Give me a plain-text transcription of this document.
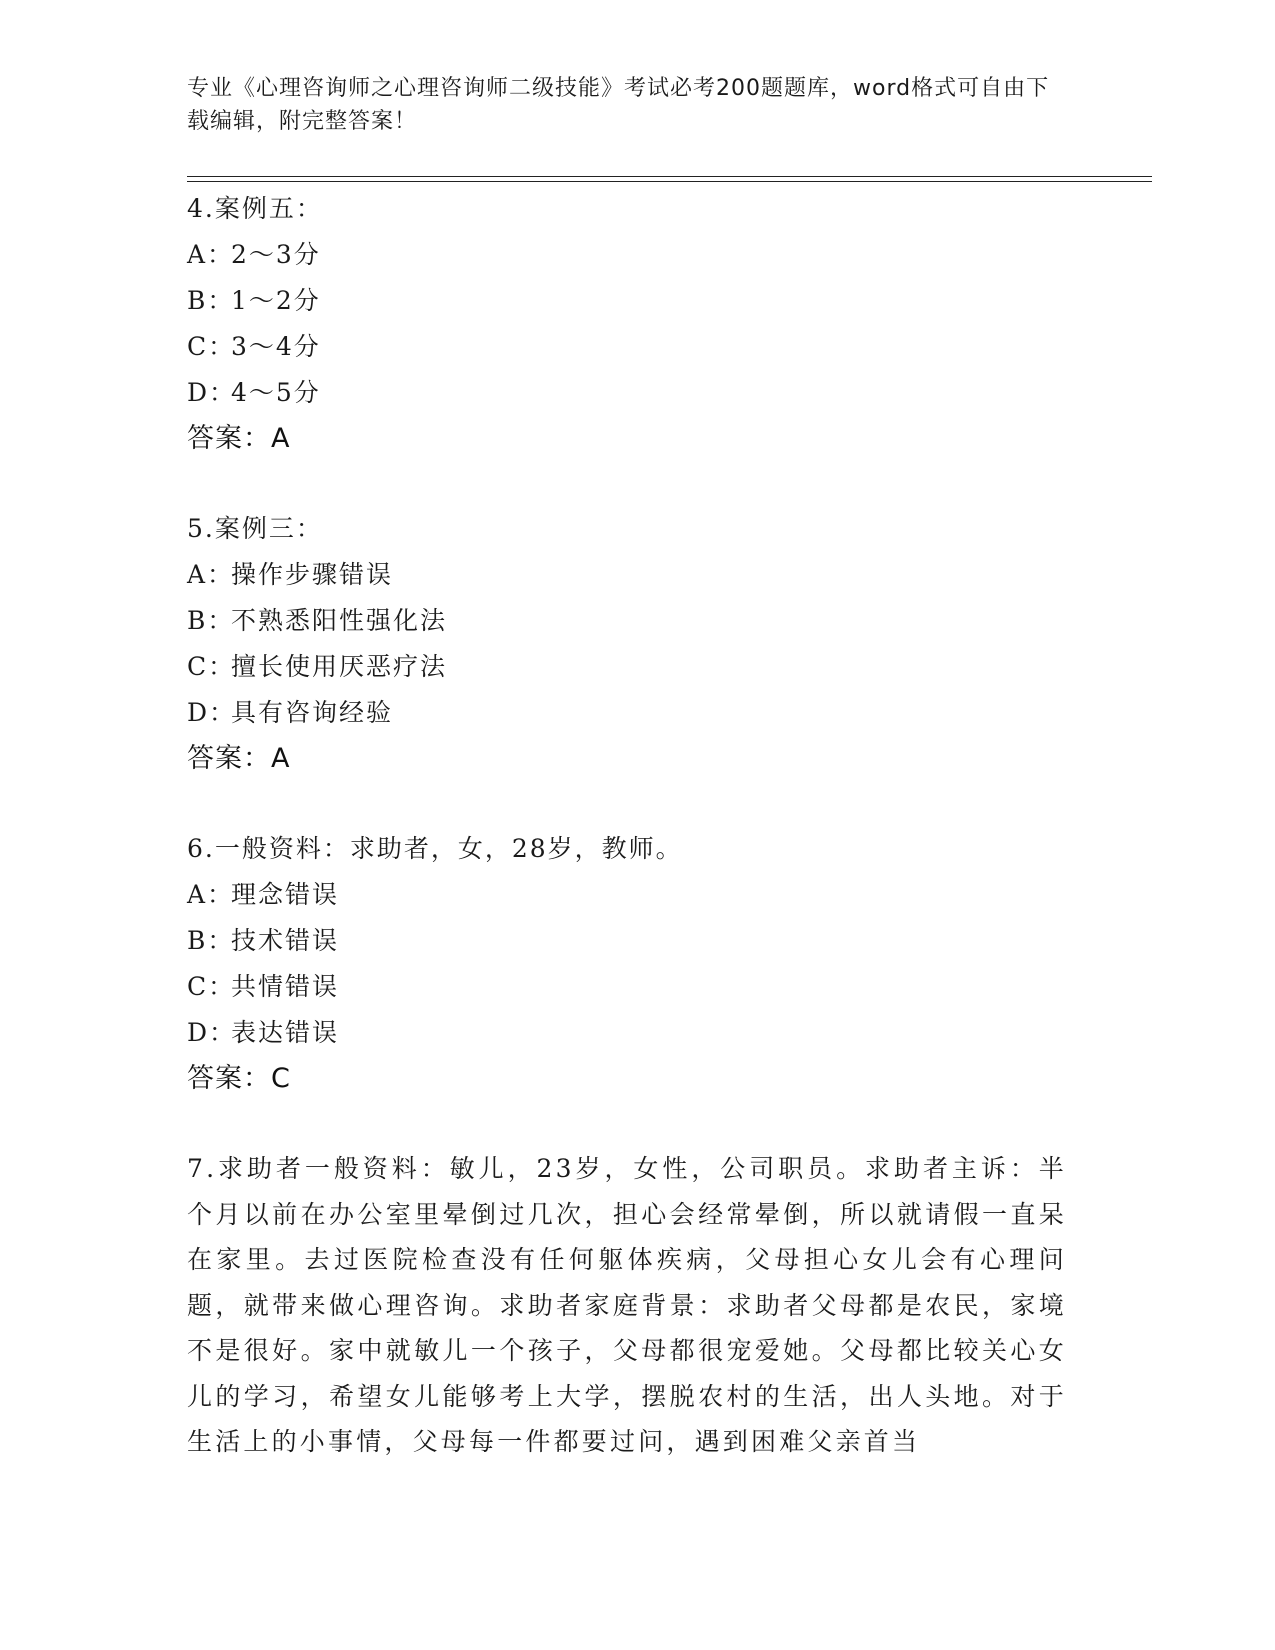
专业《心理咨询师之心理咨询师二级技能》考试必考200题题库，word格式可自由下载编辑，附完整答案！

4.案例五：

A：2～3分

B：1～2分

C：3～4分

D：4～5分

答案：A

5.案例三：

A：操作步骤错误

B：不熟悉阳性强化法

C：擅长使用厌恶疗法

D：具有咨询经验

答案：A

6.一般资料：求助者，女，28岁，教师。

A：理念错误

B：技术错误

C：共情错误

D：表达错误

答案：C

7.求助者一般资料：敏儿，23岁，女性，公司职员。求助者主诉：半个月以前在办公室里晕倒过几次，担心会经常晕倒，所以就请假一直呆在家里。去过医院检查没有任何躯体疾病，父母担心女儿会有心理问题，就带来做心理咨询。求助者家庭背景：求助者父母都是农民，家境不是很好。家中就敏儿一个孩子，父母都很宠爱她。父母都比较关心女儿的学习，希望女儿能够考上大学，摆脱农村的生活，出人头地。对于生活上的小事情，父母每一件都要过问，遇到困难父亲首当
